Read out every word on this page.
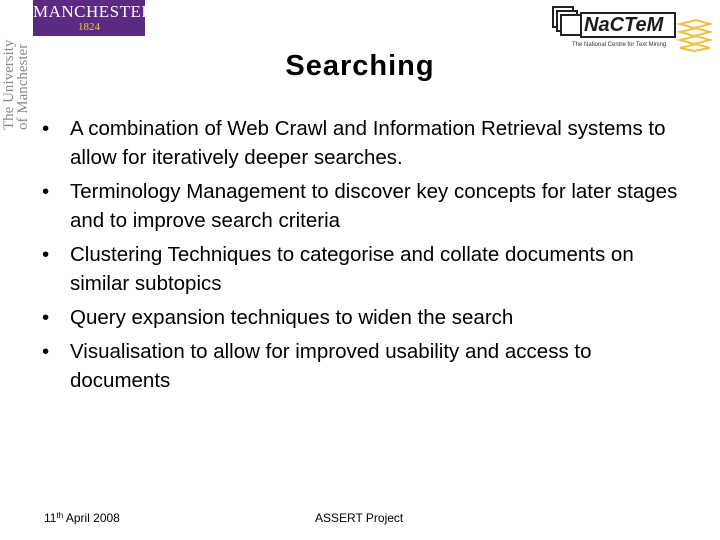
MANCHESTER
1824
The University
of Manchester
NaCTeM
The National Centre for Text Mining
Searching
• A combination of Web Crawl and Information Retrieval systems to allow for iteratively deeper searches.
• Terminology Management to discover key concepts for later stages and to improve search criteria
• Clustering Techniques to categorise and collate documents on similar subtopics
• Query expansion techniques to widen the search
• Visualisation to allow for improved usability and access to documents
11th April 2008	ASSERT Project
